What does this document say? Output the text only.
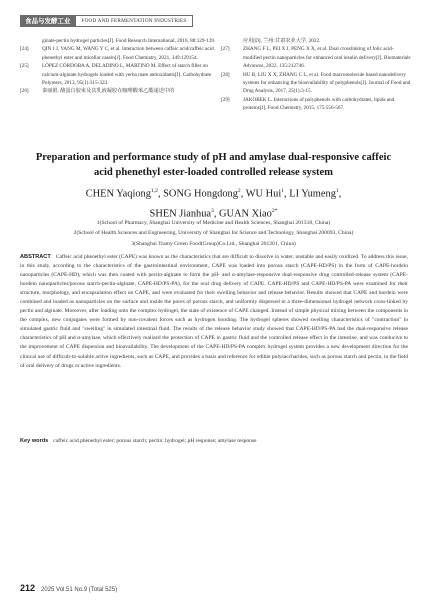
食品与发酵工业	FOOD AND FERMENTATION INDUSTRIES
ginate-pectin hydrogel particles[J]. Food Research International, 2016, 88:129-139.
[24]	QIN J J, YANG M, WANG Y C, et al. Interaction between caffeic acid/caffeic acid phenethyl ester and micellar casein[J]. Food Chemistry, 2021, 349:129154.
[25]	LÓPEZ CÓRDOBA A, DELADINO L, MARTINO M. Effect of starch filler on calcium-alginate hydrogels loaded with yerba mate antioxidants[J]. Carbohydrate Polymers, 2013, 95(1):315-323.
[26]	秦丽娟. 酪蛋白胶束及其乳液凝胶在咖啡酸苯乙酯递送中的
应用[D]. 兰州:甘肃农业大学, 2022.
[27]	ZHANG F L, PEI X J, PENG X X, et al. Dual crosslinking of folic acid-modified pectin nanoparticles for enhanced oral insulin delivery[J]. Biomaterials Advances, 2022, 135:212746.
[28]	HU B, LIU X X, ZHANG C L, et al. Food macromolecule based nanodelivery systems for enhancing the bioavailability of polyphenols[J]. Journal of Food and Drug Analysis, 2017, 25(1):3-15.
[29]	JAKOBEK L. Interactions of polyphenols with carbohydrates, lipids and proteins[J]. Food Chemistry, 2015, 175:556-567.
Preparation and performance study of pH and amylase dual-responsive caffeic acid phenethyl ester-loaded controlled release system
CHEN Yaqiong$^{1,2}$, SONG Hongdong$^2$, WU Hui$^1$, LI Yumeng$^1$,
SHEN Jianhua$^3$, GUAN Xiao$^{2*}$
1(School of Pharmacy, Shanghai University of Medicine and Health Sciences, Shanghai 201318, China)
2(School of Health Sciences and Engineering, University of Shanghai for Science and Technology, Shanghai 200093, China)
3(Shanghai Tramy Green Food(Group)Co.Ltd., Shanghai 201201, China)
ABSTRACT Caffeic acid phenethyl ester (CAPE) was known as the characteristics that are difficult to dissolve in water, unstable and easily oxidized. To address this issue, in this study, according to the characteristics of the gastrointestinal environment, CAPE was loaded into porous starch (CAPE-HD/PS) in the form of CAPE-hordein nanoparticles (CAPE-HD), which was then coated with pectin-alginate to form the pH- and α-amylase-responsive dual-responsive drug controlled-release system (CAPE-hordein nanoparticles/porous starch-pectin-alginate, CAPE-HD/PS-PA), for the oral drug delivery of CAPE. CAPE-HD/PS and CAPE-HD/PS-PA were examined for their structure, morphology, and encapsulation effect on CAPE, and were evaluated for their swelling behavior and release behavior. Results showed that CAPE and hordein were combined and loaded as nanoparticles on the surface and inside the pores of porous starch, and uniformly dispersed in a three-dimensional hydrogel network cross-linked by pectin and alginate. Moreover, after loading onto the complex hydrogel, the state of existence of CAPE changed. Instead of simple physical mixing between the components in the complex, new conjugates were formed by non-covalent forces such as hydrogen bonding. The hydrogel spheres showed swelling characteristics of "contraction" in simulated gastric fluid and "swelling" in simulated intestinal fluid. The results of the release behavior study showed that CAPE-HD/PS-PA had the dual-responsive release characteristics of pH and α-amylase, which effectively realized the protection of CAPE in gastric fluid and the controlled release effect in the intestine, and was conducive to the improvement of CAPE dispersion and bioavailability. The development of the CAPE-HD/PS-PA complex hydrogel system provides a new development direction for the clinical use of difficult-to-soluble active ingredients, such as CAPE, and provides a basis and reference for edible polysaccharides, such as porous starch and pectin, in the field of oral delivery of drugs or active ingredients.
Key words caffeic acid phenethyl ester; porous starch; pectin; hydrogel; pH response; amylase response
212 2025 Vol.51 No.9 (Total 525)
